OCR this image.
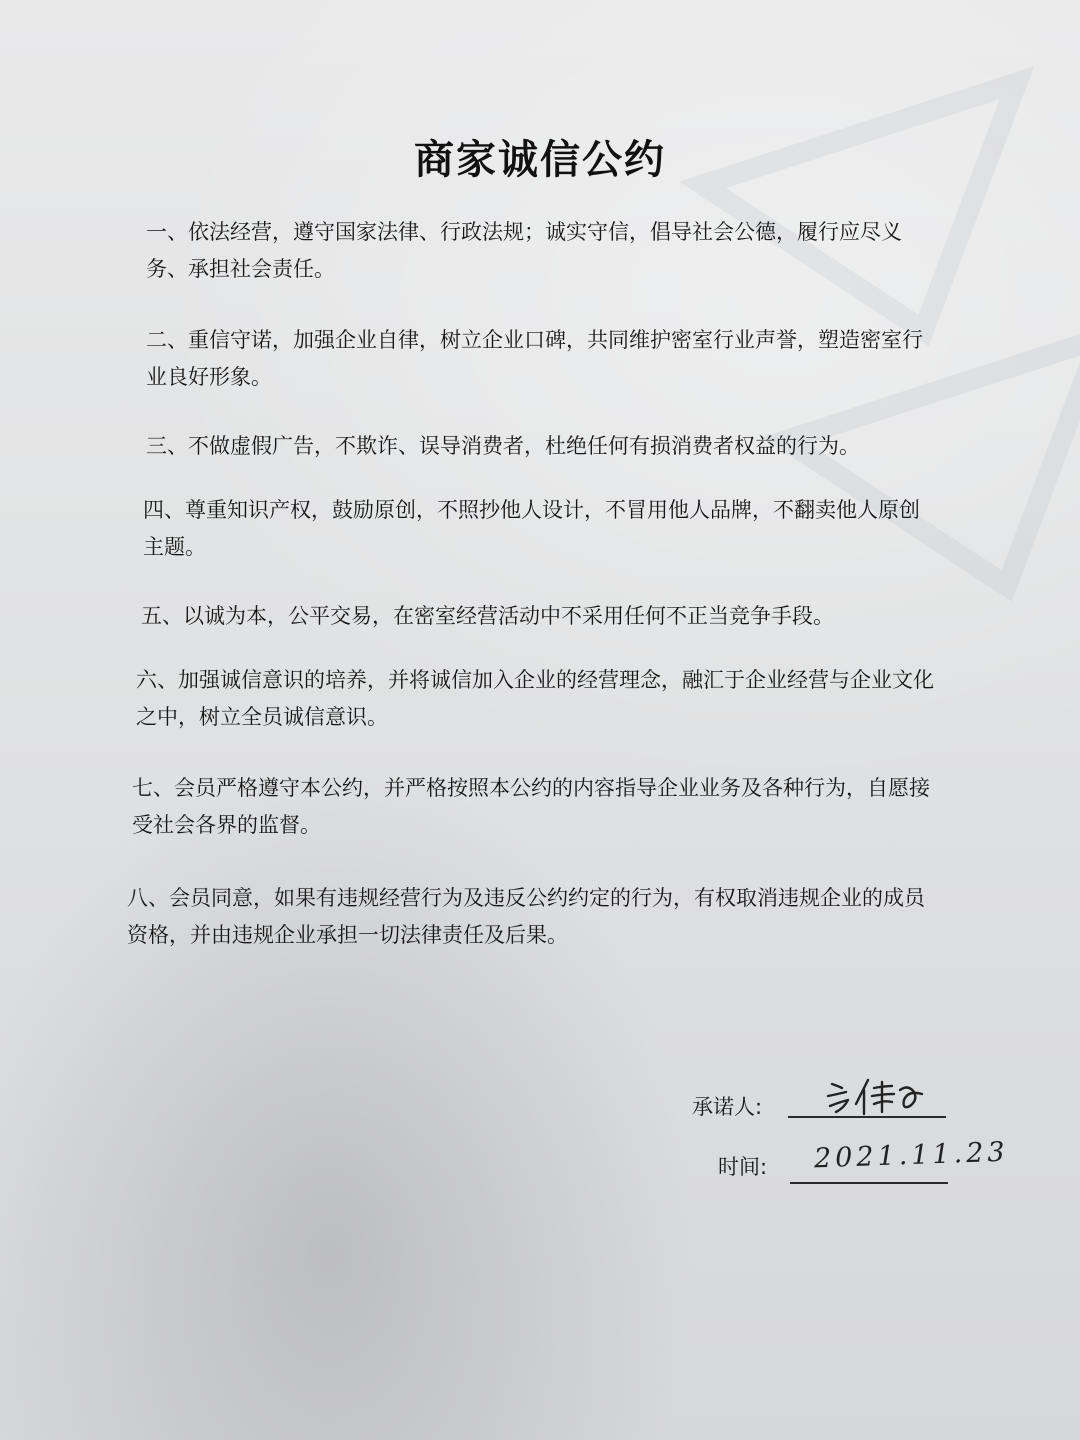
商家诚信公约

一、依法经营，遵守国家法律、行政法规；诚实守信，倡导社会公德，履行应尽义务、承担社会责任。

二、重信守诺，加强企业自律，树立企业口碑，共同维护密室行业声誉，塑造密室行业良好形象。

三、不做虚假广告，不欺诈、误导消费者，杜绝任何有损消费者权益的行为。

四、尊重知识产权，鼓励原创，不照抄他人设计，不冒用他人品牌，不翻卖他人原创主题。

五、以诚为本，公平交易，在密室经营活动中不采用任何不正当竞争手段。

六、加强诚信意识的培养，并将诚信加入企业的经营理念，融汇于企业经营与企业文化之中，树立全员诚信意识。

七、会员严格遵守本公约，并严格按照本公约的内容指导企业业务及各种行为，自愿接受社会各界的监督。

八、会员同意，如果有违规经营行为及违反公约约定的行为，有权取消违规企业的成员资格，并由违规企业承担一切法律责任及后果。

承诺人:
时间: 2021.11.23
